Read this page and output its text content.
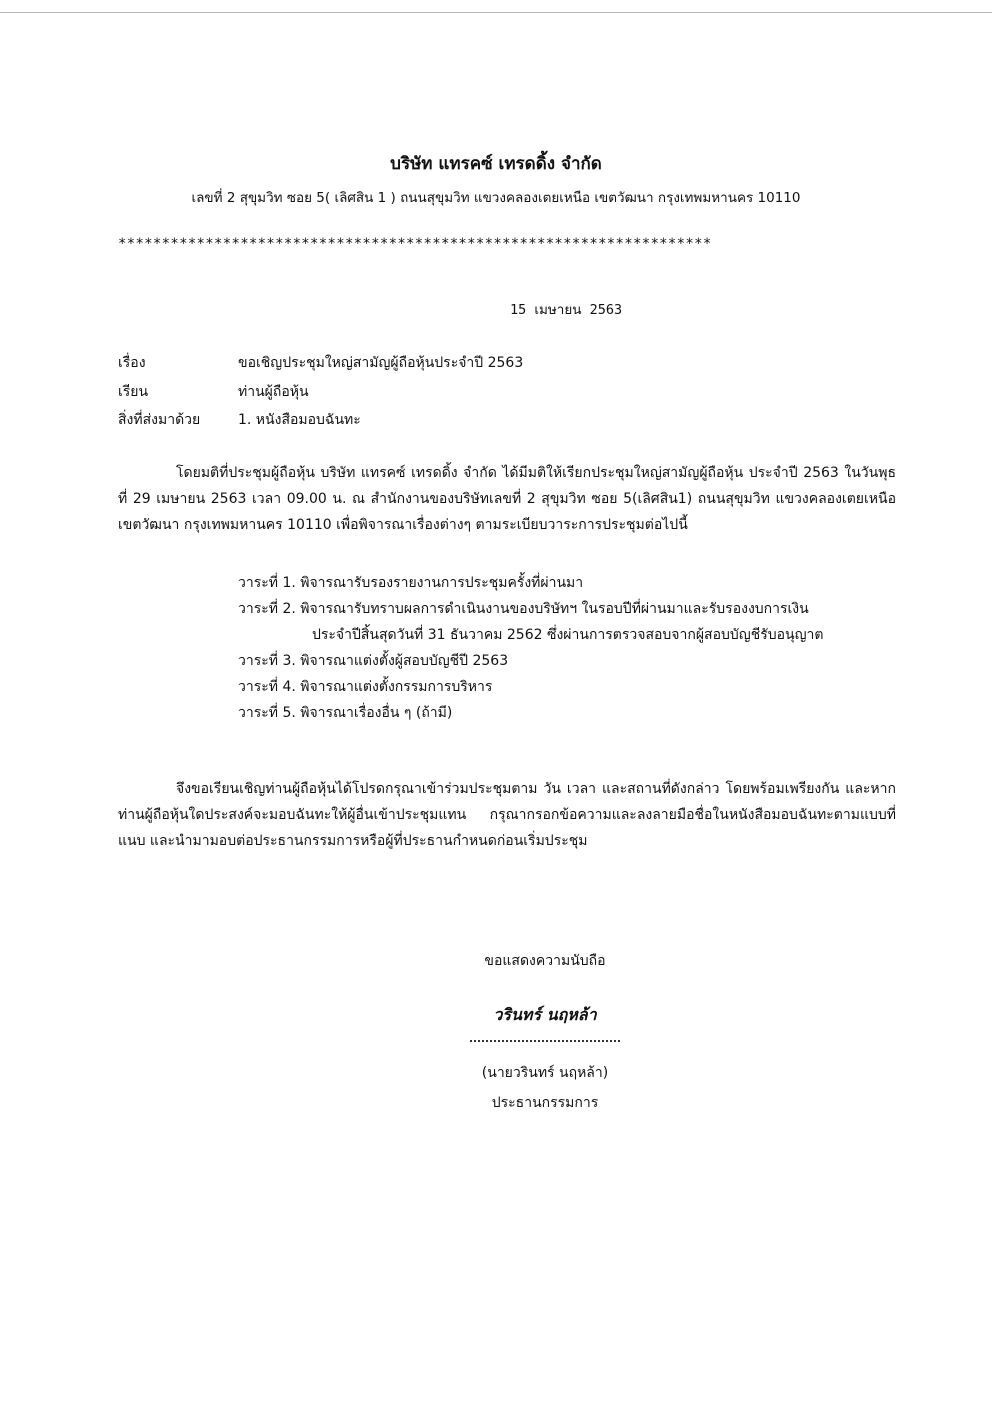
บริษัท แทรคซ์ เทรดดิ้ง จำกัด
เลขที่ 2 สุขุมวิท ซอย 5( เลิศสิน 1 ) ถนนสุขุมวิท แขวงคลองเตยเหนือ เขตวัฒนา กรุงเทพมหานคร 10110
********************************************************************
15 เมษายน 2563
เรื่อง	ขอเชิญประชุมใหญ่สามัญผู้ถือหุ้นประจำปี 2563
เรียน	ท่านผู้ถือหุ้น
สิ่งที่ส่งมาด้วย	1. หนังสือมอบฉันทะ
โดยมติที่ประชุมผู้ถือหุ้น บริษัท แทรคซ์ เทรดดิ้ง จำกัด ได้มีมติให้เรียกประชุมใหญ่สามัญผู้ถือหุ้น ประจำปี 2563 ในวันพุธที่ 29 เมษายน 2563 เวลา 09.00 น. ณ สำนักงานของบริษัทเลขที่ 2 สุขุมวิท ซอย 5(เลิศสิน1) ถนนสุขุมวิท แขวงคลองเตยเหนือ เขตวัฒนา กรุงเทพมหานคร 10110 เพื่อพิจารณาเรื่องต่างๆ ตามระเบียบวาระการประชุมต่อไปนี้
วาระที่ 1. พิจารณารับรองรายงานการประชุมครั้งที่ผ่านมา
วาระที่ 2. พิจารณารับทราบผลการดำเนินงานของบริษัทฯ ในรอบปีที่ผ่านมาและรับรองงบการเงิน
ประจำปีสิ้นสุดวันที่ 31 ธันวาคม 2562 ซึ่งผ่านการตรวจสอบจากผู้สอบบัญชีรับอนุญาต
วาระที่ 3. พิจารณาแต่งตั้งผู้สอบบัญชีปี 2563
วาระที่ 4. พิจารณาแต่งตั้งกรรมการบริหาร
วาระที่ 5. พิจารณาเรื่องอื่น ๆ (ถ้ามี)
จึงขอเรียนเชิญท่านผู้ถือหุ้นได้โปรดกรุณาเข้าร่วมประชุมตาม วัน เวลา และสถานที่ดังกล่าว โดยพร้อมเพรียงกัน และหากท่านผู้ถือหุ้นใดประสงค์จะมอบฉันทะให้ผู้อื่นเข้าประชุมแทน กรุณากรอกข้อความและลงลายมือชื่อในหนังสือมอบฉันทะตามแบบที่แนบ และนำมามอบต่อประธานกรรมการหรือผู้ที่ประธานกำหนดก่อนเริ่มประชุม
ขอแสดงความนับถือ
วรินทร์ นฤหล้า
(นายวรินทร์ นฤหล้า)
ประธานกรรมการ
